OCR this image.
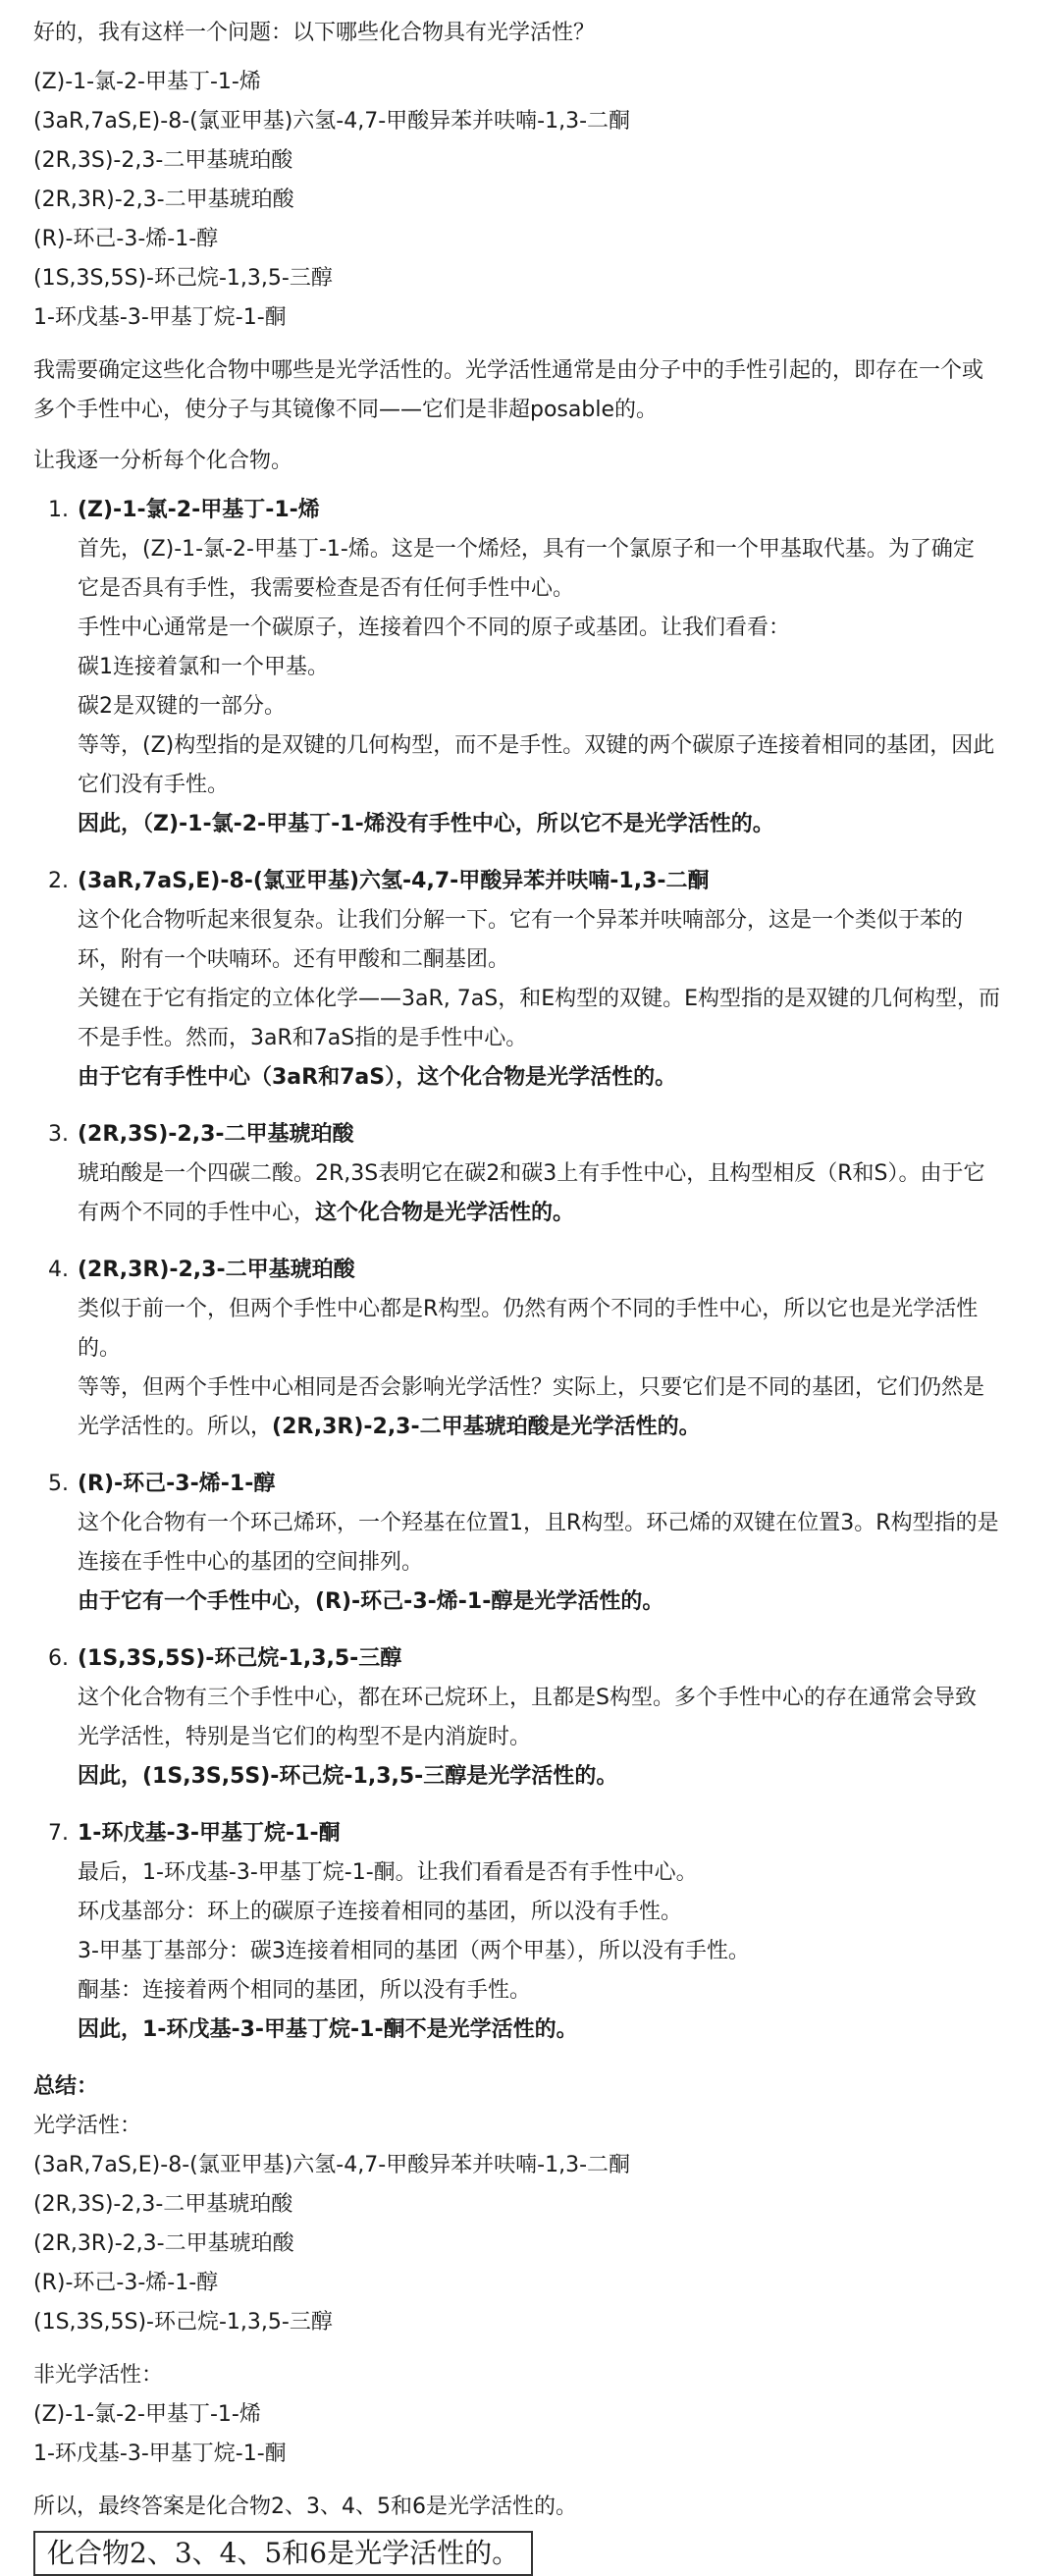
好的，我有这样一个问题：以下哪些化合物具有光学活性？
(Z)-1-氯-2-甲基丁-1-烯
(3aR,7aS,E)-8-(氯亚甲基)六氢-4,7-甲酸异苯并呋喃-1,3-二酮
(2R,3S)-2,3-二甲基琥珀酸
(2R,3R)-2,3-二甲基琥珀酸
(R)-环己-3-烯-1-醇
(1S,3S,5S)-环己烷-1,3,5-三醇
1-环戊基-3-甲基丁烷-1-酮
我需要确定这些化合物中哪些是光学活性的。光学活性通常是由分子中的手性引起的，即存在一个或
多个手性中心，使分子与其镜像不同——它们是非超posable的。
让我逐一分析每个化合物。
1. (Z)-1-氯-2-甲基丁-1-烯
首先，(Z)-1-氯-2-甲基丁-1-烯。这是一个烯烃，具有一个氯原子和一个甲基取代基。为了确定
它是否具有手性，我需要检查是否有任何手性中心。
手性中心通常是一个碳原子，连接着四个不同的原子或基团。让我们看看：
碳1连接着氯和一个甲基。
碳2是双键的一部分。
等等，(Z)构型指的是双键的几何构型，而不是手性。双键的两个碳原子连接着相同的基团，因此
它们没有手性。
因此，（Z)-1-氯-2-甲基丁-1-烯没有手性中心，所以它不是光学活性的。
2. (3aR,7aS,E)-8-(氯亚甲基)六氢-4,7-甲酸异苯并呋喃-1,3-二酮
这个化合物听起来很复杂。让我们分解一下。它有一个异苯并呋喃部分，这是一个类似于苯的
环，附有一个呋喃环。还有甲酸和二酮基团。
关键在于它有指定的立体化学——3aR, 7aS，和E构型的双键。E构型指的是双键的几何构型，而
不是手性。然而，3aR和7aS指的是手性中心。
由于它有手性中心（3aR和7aS），这个化合物是光学活性的。
3. (2R,3S)-2,3-二甲基琥珀酸
琥珀酸是一个四碳二酸。2R,3S表明它在碳2和碳3上有手性中心，且构型相反（R和S）。由于它
有两个不同的手性中心，这个化合物是光学活性的。
4. (2R,3R)-2,3-二甲基琥珀酸
类似于前一个，但两个手性中心都是R构型。仍然有两个不同的手性中心，所以它也是光学活性
的。
等等，但两个手性中心相同是否会影响光学活性？实际上，只要它们是不同的基团，它们仍然是
光学活性的。所以，(2R,3R)-2,3-二甲基琥珀酸是光学活性的。
5. (R)-环己-3-烯-1-醇
这个化合物有一个环己烯环，一个羟基在位置1，且R构型。环己烯的双键在位置3。R构型指的是
连接在手性中心的基团的空间排列。
由于它有一个手性中心，(R)-环己-3-烯-1-醇是光学活性的。
6. (1S,3S,5S)-环己烷-1,3,5-三醇
这个化合物有三个手性中心，都在环己烷环上，且都是S构型。多个手性中心的存在通常会导致
光学活性，特别是当它们的构型不是内消旋时。
因此，(1S,3S,5S)-环己烷-1,3,5-三醇是光学活性的。
7. 1-环戊基-3-甲基丁烷-1-酮
最后，1-环戊基-3-甲基丁烷-1-酮。让我们看看是否有手性中心。
环戊基部分：环上的碳原子连接着相同的基团，所以没有手性。
3-甲基丁基部分：碳3连接着相同的基团（两个甲基），所以没有手性。
酮基：连接着两个相同的基团，所以没有手性。
因此，1-环戊基-3-甲基丁烷-1-酮不是光学活性的。
总结：
光学活性：
(3aR,7aS,E)-8-(氯亚甲基)六氢-4,7-甲酸异苯并呋喃-1,3-二酮
(2R,3S)-2,3-二甲基琥珀酸
(2R,3R)-2,3-二甲基琥珀酸
(R)-环己-3-烯-1-醇
(1S,3S,5S)-环己烷-1,3,5-三醇
非光学活性：
(Z)-1-氯-2-甲基丁-1-烯
1-环戊基-3-甲基丁烷-1-酮
所以，最终答案是化合物2、3、4、5和6是光学活性的。
化合物2、3、4、5和6是光学活性的。
